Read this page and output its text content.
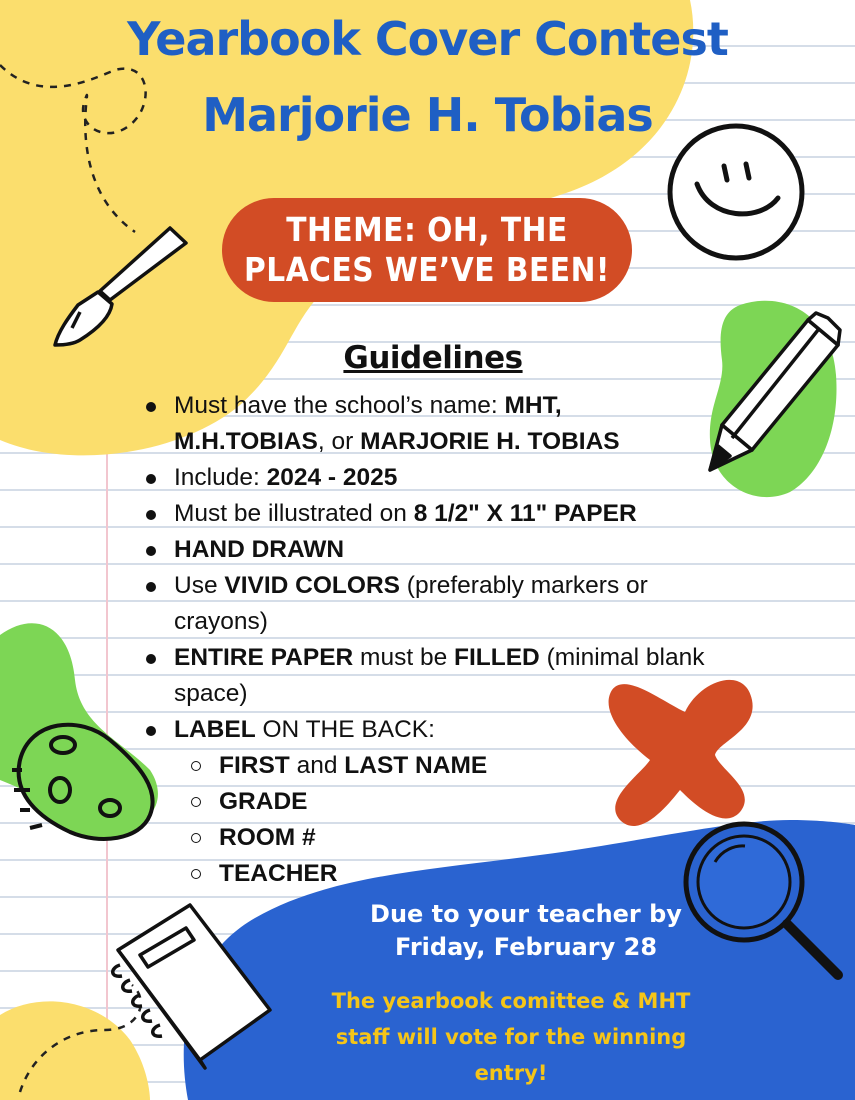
Yearbook Cover Contest
Marjorie H. Tobias
THEME: OH, THE
PLACES WE’VE BEEN!
Guidelines
Must have the school’s name: MHT,
M.H.TOBIAS, or MARJORIE H. TOBIAS
Include: 2024 - 2025
Must be illustrated on 8 1/2" X 11" PAPER
HAND DRAWN
Use VIVID COLORS (preferably markers or
crayons)
ENTIRE PAPER must be FILLED (minimal blank
space)
LABEL ON THE BACK:
FIRST and LAST NAME
GRADE
ROOM #
TEACHER
Due to your teacher by
Friday, February 28
The yearbook comittee & MHT
staff will vote for the winning
entry!
